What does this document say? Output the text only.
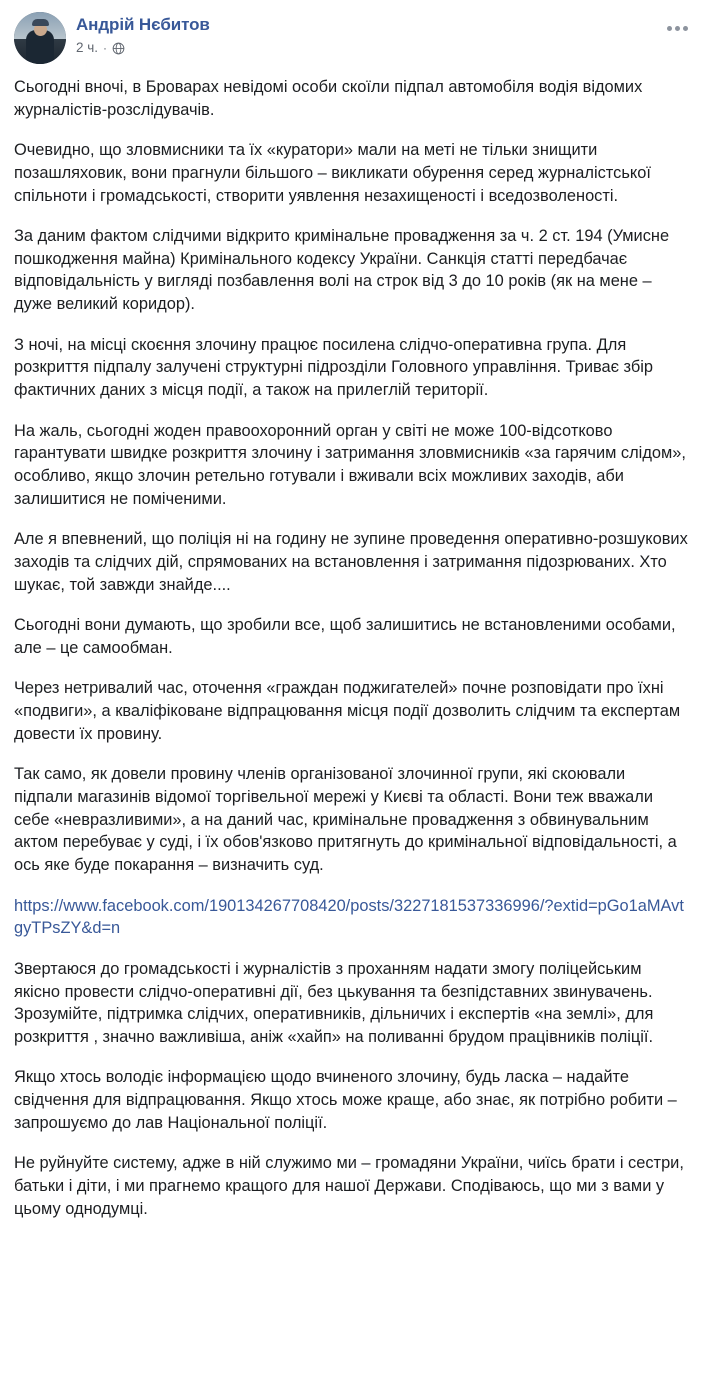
Андрій Нєбитов
2 ч. ·

Сьогодні вночі, в Броварах невідомі особи скоїли підпал автомобіля водія відомих журналістів-розслідувачів.

Очевидно, що зловмисники та їх «куратори» мали на меті не тільки знищити позашляховик, вони прагнули більшого – викликати обурення серед журналістської спільноти і громадськості, створити уявлення незахищеності і вседозволеності.

За даним фактом слідчими відкрито кримінальне провадження за ч. 2 ст. 194 (Умисне пошкодження майна) Кримінального кодексу України. Санкція статті передбачає відповідальність у вигляді позбавлення волі на строк від 3 до 10 років (як на мене – дуже великий коридор).

З ночі, на місці скоєння злочину працює посилена слідчо-оперативна група. Для розкриття підпалу залучені структурні підрозділи Головного управління. Триває збір фактичних даних з місця події, а також на прилеглій території.

На жаль, сьогодні жоден правоохоронний орган у світі не може 100-відсотково гарантувати швидке розкриття злочину і затримання зловмисників «за гарячим слідом», особливо, якщо злочин ретельно готували і вживали всіх можливих заходів, аби залишитися не поміченими.

Але я впевнений, що поліція ні на годину не зупине проведення оперативно-розшукових заходів та слідчих дій, спрямованих на встановлення і затримання підозрюваних. Хто шукає, той завжди знайде....

Сьогодні вони думають, що зробили все, щоб залишитись не встановленими особами, але – це самообман.

Через нетривалий час, оточення «граждан поджигателей» почне розповідати про їхні «подвиги», а кваліфіковане відпрацювання місця події дозволить слідчим та експертам довести їх провину.

Так само, як довели провину членів організованої злочинної групи, які скоювали підпали магазинів відомої торгівельної мережі у Києві та області. Вони теж вважали себе «невразливими», а на даний час, кримінальне провадження з обвинувальним актом перебуває у суді, і їх обов'язково притягнуть до кримінальної відповідальності, а ось яке буде покарання – визначить суд.

https://www.facebook.com/190134267708420/posts/3227181537336996/?extid=pGo1aMAvtgyTPsZY&d=n

Звертаюся до громадськості і журналістів з проханням надати змогу поліцейським якісно провести слідчо-оперативні дії, без цькування та безпідставних звинувачень. Зрозумійте, підтримка слідчих, оперативників, дільничих і експертів «на землі», для розкриття , значно важливіша, аніж «хайп» на поливанні брудом працівників поліції.

Якщо хтось володіє інформацією щодо вчиненого злочину, будь ласка – надайте свідчення для відпрацювання. Якщо хтось може краще, або знає, як потрібно робити – запрошуємо до лав Національної поліції.

Не руйнуйте систему, адже в ній служимо ми – громадяни України, чиїсь брати і сестри, батьки і діти, і ми прагнемо кращого для нашої Держави. Сподіваюсь, що ми з вами у цьому однодумці.
